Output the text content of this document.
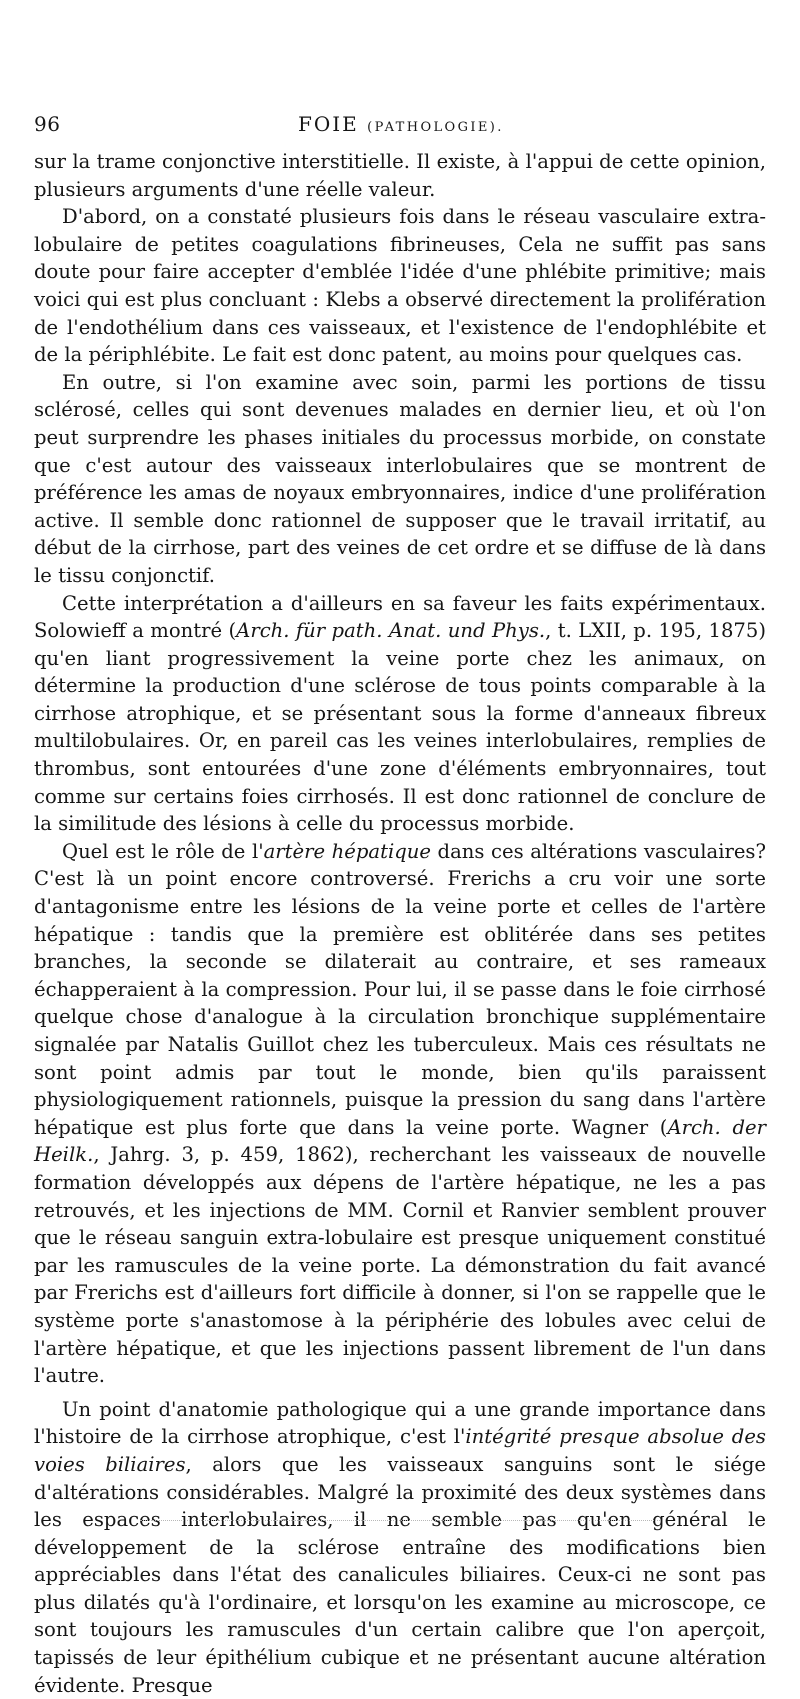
96	FOIE (PATHOLOGIE).

sur la trame conjonctive interstitielle. Il existe, à l'appui de cette opinion, plusieurs arguments d'une réelle valeur.

D'abord, on a constaté plusieurs fois dans le réseau vasculaire extra-lobulaire de petites coagulations fibrineuses, Cela ne suffit pas sans doute pour faire accepter d'emblée l'idée d'une phlébite primitive; mais voici qui est plus concluant : Klebs a observé directement la prolifération de l'endothélium dans ces vaisseaux, et l'existence de l'endophlébite et de la périphlébite. Le fait est donc patent, au moins pour quelques cas.

En outre, si l'on examine avec soin, parmi les portions de tissu sclérosé, celles qui sont devenues malades en dernier lieu, et où l'on peut surprendre les phases initiales du processus morbide, on constate que c'est autour des vaisseaux interlobulaires que se montrent de préférence les amas de noyaux embryonnaires, indice d'une prolifération active. Il semble donc rationnel de supposer que le travail irritatif, au début de la cirrhose, part des veines de cet ordre et se diffuse de là dans le tissu conjonctif.

Cette interprétation a d'ailleurs en sa faveur les faits expérimentaux. Solowieff a montré (Arch. für path. Anat. und Phys., t. LXII, p. 195, 1875) qu'en liant progressivement la veine porte chez les animaux, on détermine la production d'une sclérose de tous points comparable à la cirrhose atrophique, et se présentant sous la forme d'anneaux fibreux multilobulaires. Or, en pareil cas les veines interlobulaires, remplies de thrombus, sont entourées d'une zone d'éléments embryonnaires, tout comme sur certains foies cirrhosés. Il est donc rationnel de conclure de la similitude des lésions à celle du processus morbide.

Quel est le rôle de l'artère hépatique dans ces altérations vasculaires? C'est là un point encore controversé. Frerichs a cru voir une sorte d'antagonisme entre les lésions de la veine porte et celles de l'artère hépatique : tandis que la première est oblitérée dans ses petites branches, la seconde se dilaterait au contraire, et ses rameaux échapperaient à la compression. Pour lui, il se passe dans le foie cirrhosé quelque chose d'analogue à la circulation bronchique supplémentaire signalée par Natalis Guillot chez les tuberculeux. Mais ces résultats ne sont point admis par tout le monde, bien qu'ils paraissent physiologiquement rationnels, puisque la pression du sang dans l'artère hépatique est plus forte que dans la veine porte. Wagner (Arch. der Heilk., Jahrg. 3, p. 459, 1862), recherchant les vaisseaux de nouvelle formation développés aux dépens de l'artère hépatique, ne les a pas retrouvés, et les injections de MM. Cornil et Ranvier semblent prouver que le réseau sanguin extra-lobulaire est presque uniquement constitué par les ramuscules de la veine porte. La démonstration du fait avancé par Frerichs est d'ailleurs fort difficile à donner, si l'on se rappelle que le système porte s'anastomose à la périphérie des lobules avec celui de l'artère hépatique, et que les injections passent librement de l'un dans l'autre.

Un point d'anatomie pathologique qui a une grande importance dans l'histoire de la cirrhose atrophique, c'est l'intégrité presque absolue des voies biliaires, alors que les vaisseaux sanguins sont le siége d'altérations considérables. Malgré la proximité des deux systèmes dans les espaces interlobulaires, il ne semble pas qu'en général le développement de la sclérose entraîne des modifications bien appréciables dans l'état des canalicules biliaires. Ceux-ci ne sont pas plus dilatés qu'à l'ordinaire, et lorsqu'on les examine au microscope, ce sont toujours les ramuscules d'un certain calibre que l'on aperçoit, tapissés de leur épithélium cubique et ne présentant aucune altération évidente. Presque
